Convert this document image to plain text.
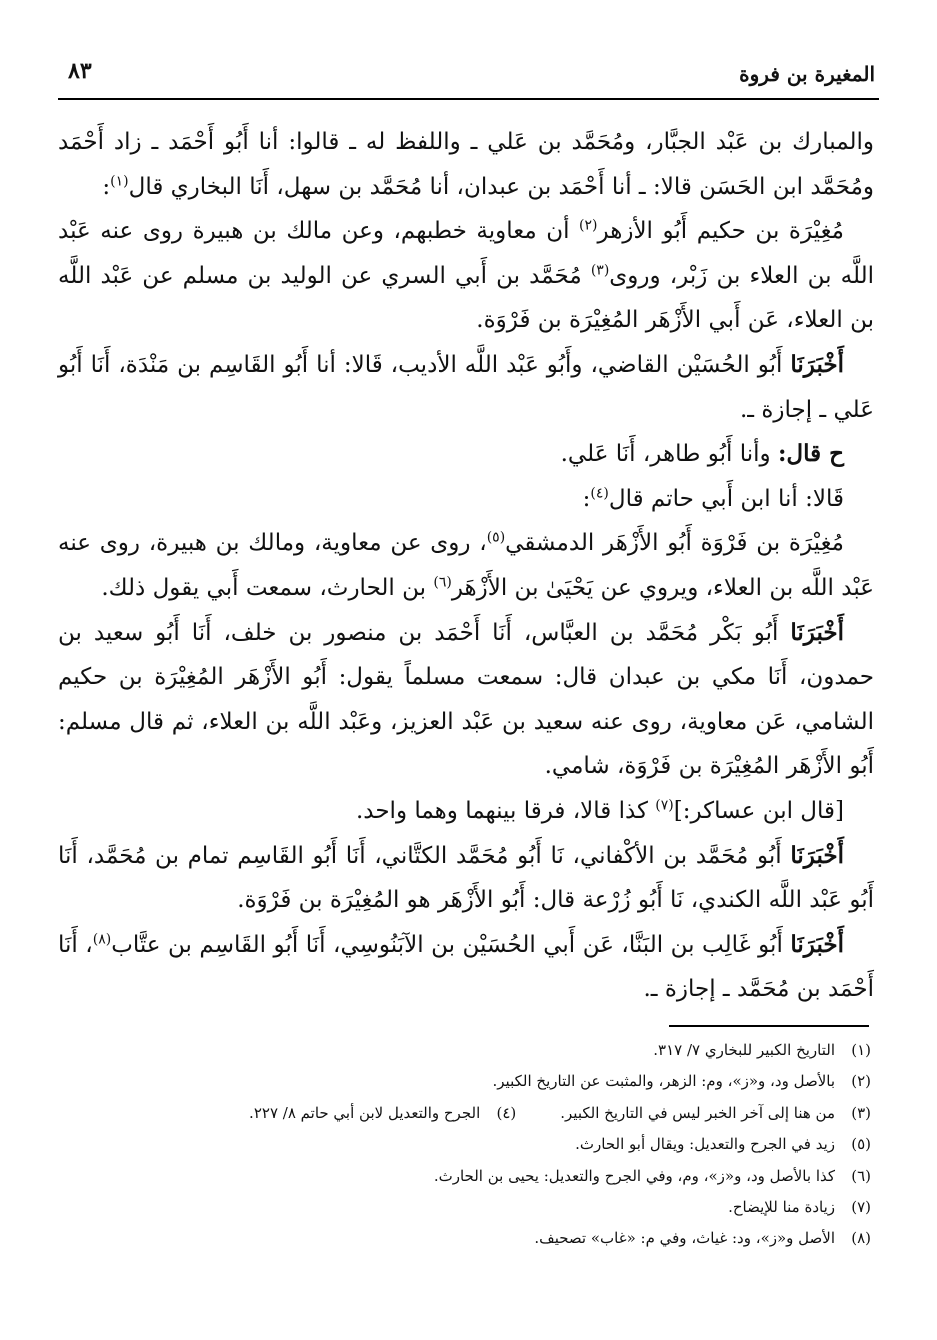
المغيرة بن فروة
٨٣

والمبارك بن عَبْد الجبَّار، ومُحَمَّد بن عَلي ـ واللفظ له ـ قالوا: أنا أَبُو أَحْمَد ـ زاد أَحْمَد ومُحَمَّد ابن الحَسَن قالا: ـ أنا أَحْمَد بن عبدان، أنا مُحَمَّد بن سهل، أَنَا البخاري قال$^{(١)}$:

مُغِيْرَة بن حكيم أَبُو الأزهر$^{(٢)}$ أن معاوية خطبهم، وعن مالك بن هبيرة روى عنه عَبْد اللَّه بن العلاء بن زَبْر، وروى$^{(٣)}$ مُحَمَّد بن أَبي السري عن الوليد بن مسلم عن عَبْد اللَّه بن العلاء، عَن أَبي الأَزْهَر المُغِيْرَة بن فَرْوَة.

أَخْبَرَنَا أَبُو الحُسَيْن القاضي، وأَبُو عَبْد اللَّه الأديب، قَالا: أنا أَبُو القَاسِم بن مَنْدَة، أَنَا أَبُو عَلي ـ إجازة ـ.

ح قال: وأنا أَبُو طاهر، أَنَا عَلي.

قَالا: أنا ابن أَبي حاتم قال$^{(٤)}$:

مُغِيْرَة بن فَرْوَة أَبُو الأَزْهَر الدمشقي$^{(٥)}$، روى عن معاوية، ومالك بن هبيرة، روى عنه عَبْد اللَّه بن العلاء، ويروي عن يَحْيَىٰ بن الأَزْهَر$^{(٦)}$ بن الحارث، سمعت أَبي يقول ذلك.

أَخْبَرَنَا أَبُو بَكْر مُحَمَّد بن العبَّاس، أَنَا أَحْمَد بن منصور بن خلف، أَنَا أَبُو سعيد بن حمدون، أَنَا مكي بن عبدان قال: سمعت مسلماً يقول: أَبُو الأَزْهَر المُغِيْرَة بن حكيم الشامي، عَن معاوية، روى عنه سعيد بن عَبْد العزيز، وعَبْد اللَّه بن العلاء، ثم قال مسلم: أَبُو الأَزْهَر المُغِيْرَة بن فَرْوَة، شامي.

[قال ابن عساكر:]$^{(٧)}$ كذا قالا، فرقا بينهما وهما واحد.

أَخْبَرَنَا أَبُو مُحَمَّد بن الأكْفاني، نَا أَبُو مُحَمَّد الكتَّاني، أَنَا أَبُو القَاسِم تمام بن مُحَمَّد، أَنَا أَبُو عَبْد اللَّه الكندي، نَا أَبُو زُرْعة قال: أَبُو الأَزْهَر هو المُغِيْرَة بن فَرْوَة.

أَخْبَرَنَا أَبُو غَالِب بن البَنَّا، عَن أَبي الحُسَيْن بن الآبَنُوسِي، أَنَا أَبُو القَاسِم بن عتَّاب$^{(٨)}$، أَنَا أَحْمَد بن مُحَمَّد ـ إجازة ـ.

(١)التاريخ الكبير للبخاري ٧/ ٣١٧.

(٢)بالأصل ود، و«ز»، وم: الزهر، والمثبت عن التاريخ الكبير.

(٣)من هنا إلى آخر الخبر ليس في التاريخ الكبير.(٤)الجرح والتعديل لابن أبي حاتم ٨/ ٢٢٧.

(٥)زيد في الجرح والتعديل: ويقال أبو الحارث.

(٦)كذا بالأصل ود، و«ز»، وم، وفي الجرح والتعديل: يحيى بن الحارث.

(٧)زيادة منا للإيضاح.

(٨)الأصل و«ز»، ود: غياث، وفي م: «غاب» تصحيف.
